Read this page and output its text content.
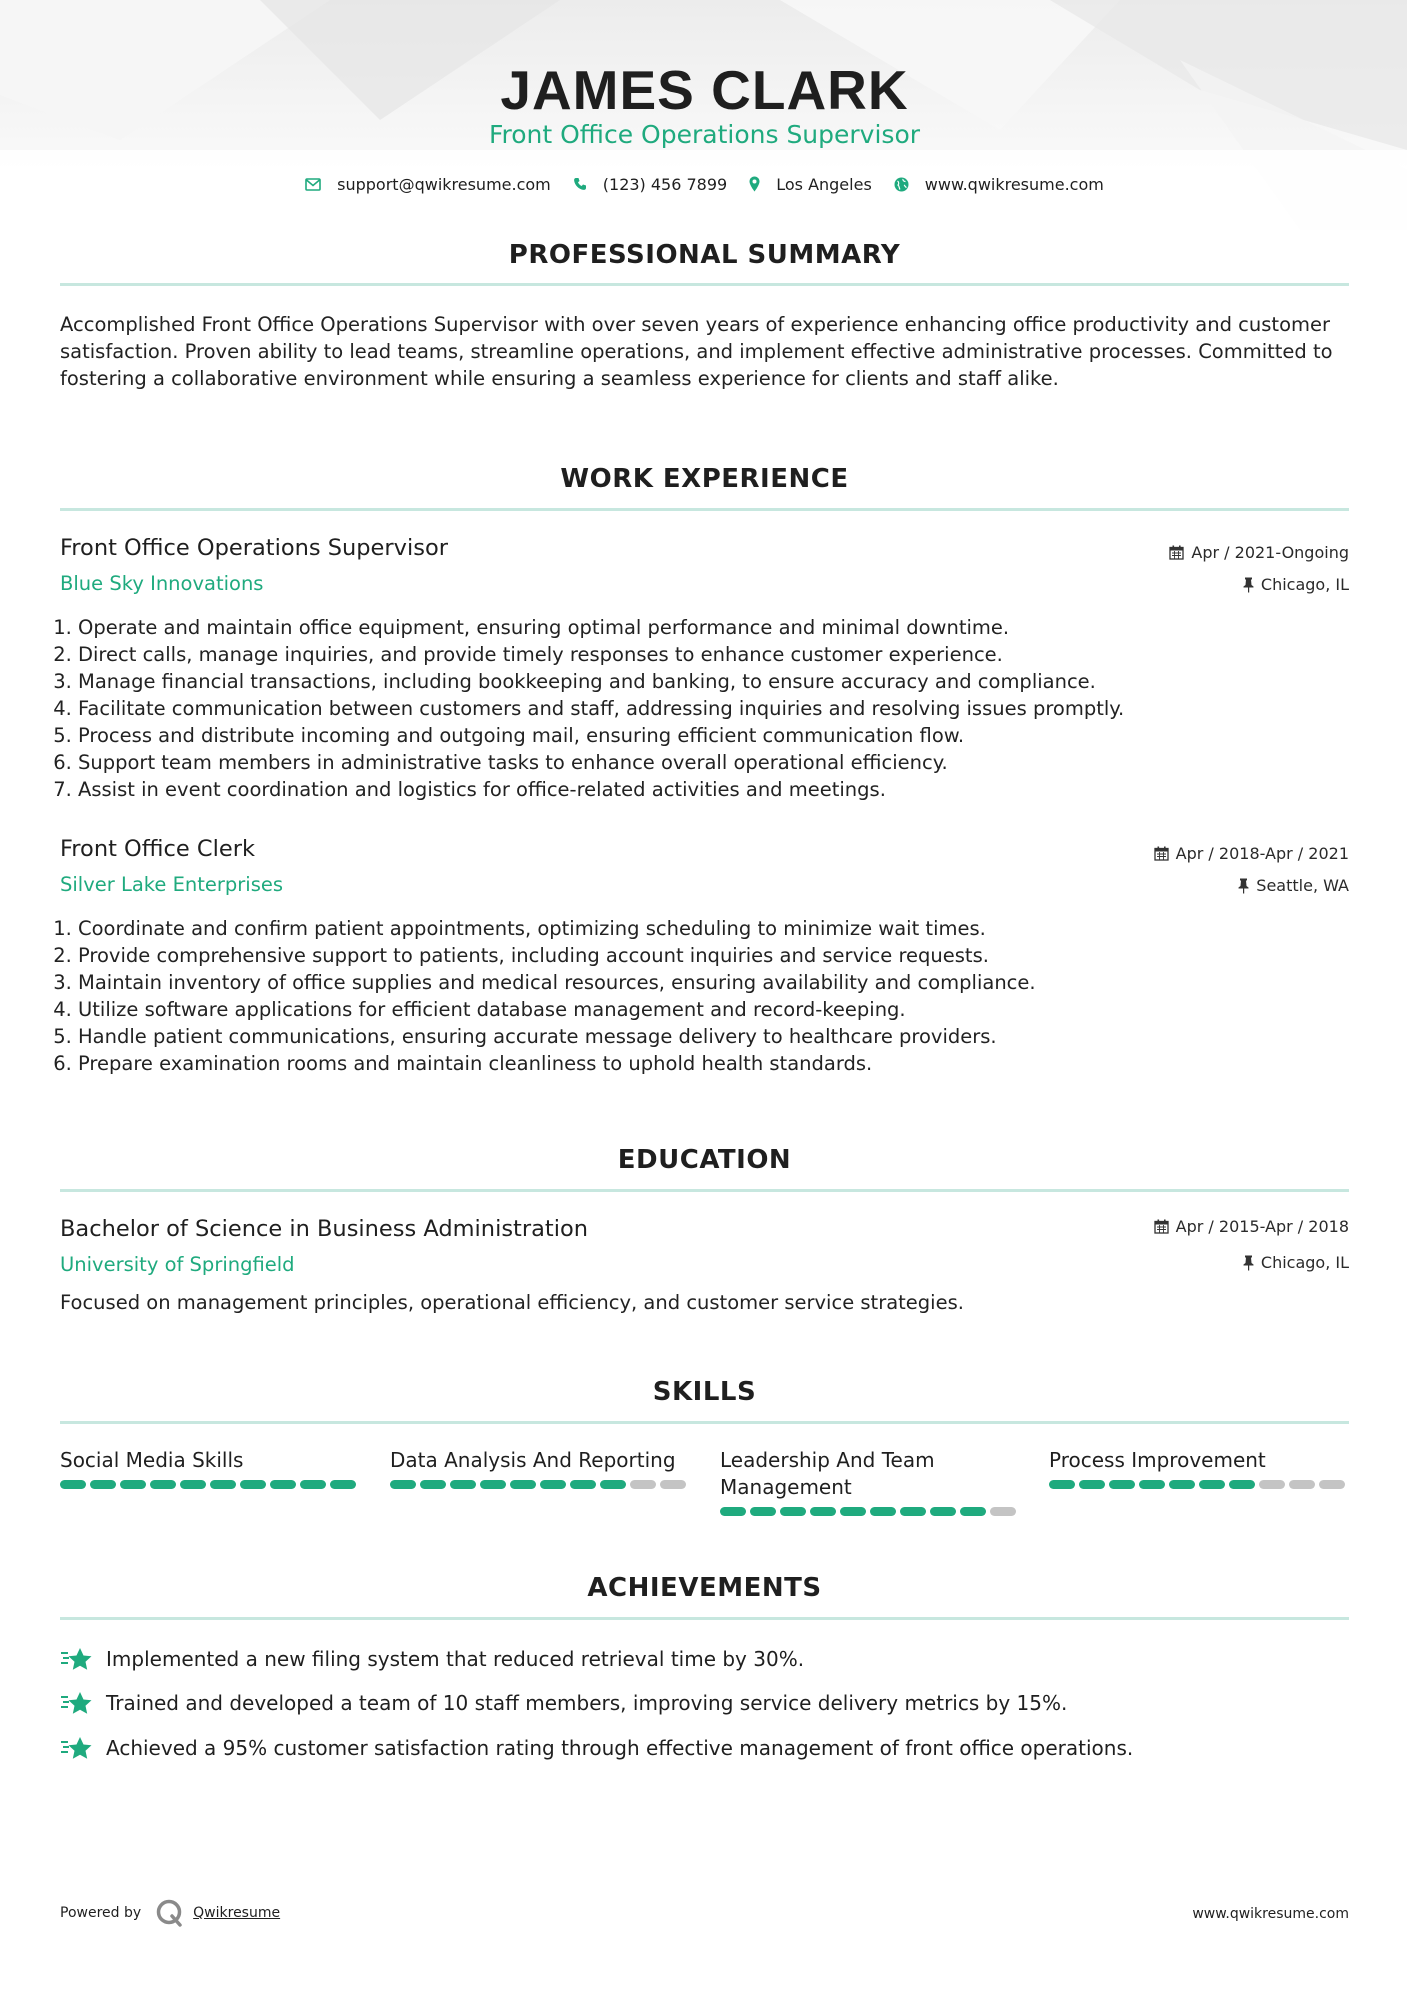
JAMES CLARK
Front Office Operations Supervisor
support@qwikresume.com	(123) 456 7899	Los Angeles	www.qwikresume.com
PROFESSIONAL SUMMARY
Accomplished Front Office Operations Supervisor with over seven years of experience enhancing office productivity and customer satisfaction. Proven ability to lead teams, streamline operations, and implement effective administrative processes. Committed to fostering a collaborative environment while ensuring a seamless experience for clients and staff alike.
WORK EXPERIENCE
Front Office Operations Supervisor	Apr / 2021-Ongoing
Blue Sky Innovations	Chicago, IL
1. Operate and maintain office equipment, ensuring optimal performance and minimal downtime.
2. Direct calls, manage inquiries, and provide timely responses to enhance customer experience.
3. Manage financial transactions, including bookkeeping and banking, to ensure accuracy and compliance.
4. Facilitate communication between customers and staff, addressing inquiries and resolving issues promptly.
5. Process and distribute incoming and outgoing mail, ensuring efficient communication flow.
6. Support team members in administrative tasks to enhance overall operational efficiency.
7. Assist in event coordination and logistics for office-related activities and meetings.
Front Office Clerk	Apr / 2018-Apr / 2021
Silver Lake Enterprises	Seattle, WA
1. Coordinate and confirm patient appointments, optimizing scheduling to minimize wait times.
2. Provide comprehensive support to patients, including account inquiries and service requests.
3. Maintain inventory of office supplies and medical resources, ensuring availability and compliance.
4. Utilize software applications for efficient database management and record-keeping.
5. Handle patient communications, ensuring accurate message delivery to healthcare providers.
6. Prepare examination rooms and maintain cleanliness to uphold health standards.
EDUCATION
Bachelor of Science in Business Administration	Apr / 2015-Apr / 2018
University of Springfield	Chicago, IL
Focused on management principles, operational efficiency, and customer service strategies.
SKILLS
Social Media Skills	Data Analysis And Reporting	Leadership And Team Management
Process Improvement
ACHIEVEMENTS
Implemented a new filing system that reduced retrieval time by 30%.
Trained and developed a team of 10 staff members, improving service delivery metrics by 15%.
Achieved a 95% customer satisfaction rating through effective management of front office operations.
Powered by	Qwikresume	www.qwikresume.com
